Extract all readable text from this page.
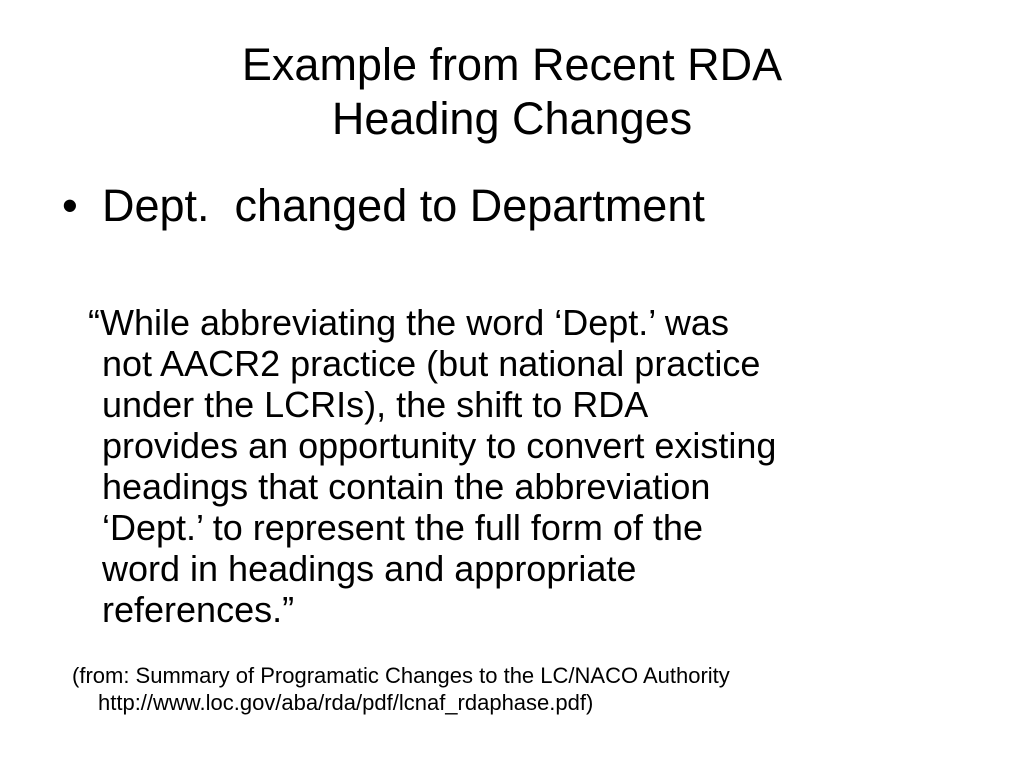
Example from Recent RDA
Heading Changes
• Dept.  changed to Department
“While abbreviating the word ‘Dept.’ was
not AACR2 practice (but national practice
under the LCRIs), the shift to RDA
provides an opportunity to convert existing
headings that contain the abbreviation
‘Dept.’ to represent the full form of the
word in headings and appropriate
references.”
(from: Summary of Programatic Changes to the LC/NACO Authority
http://www.loc.gov/aba/rda/pdf/lcnaf_rdaphase.pdf)
